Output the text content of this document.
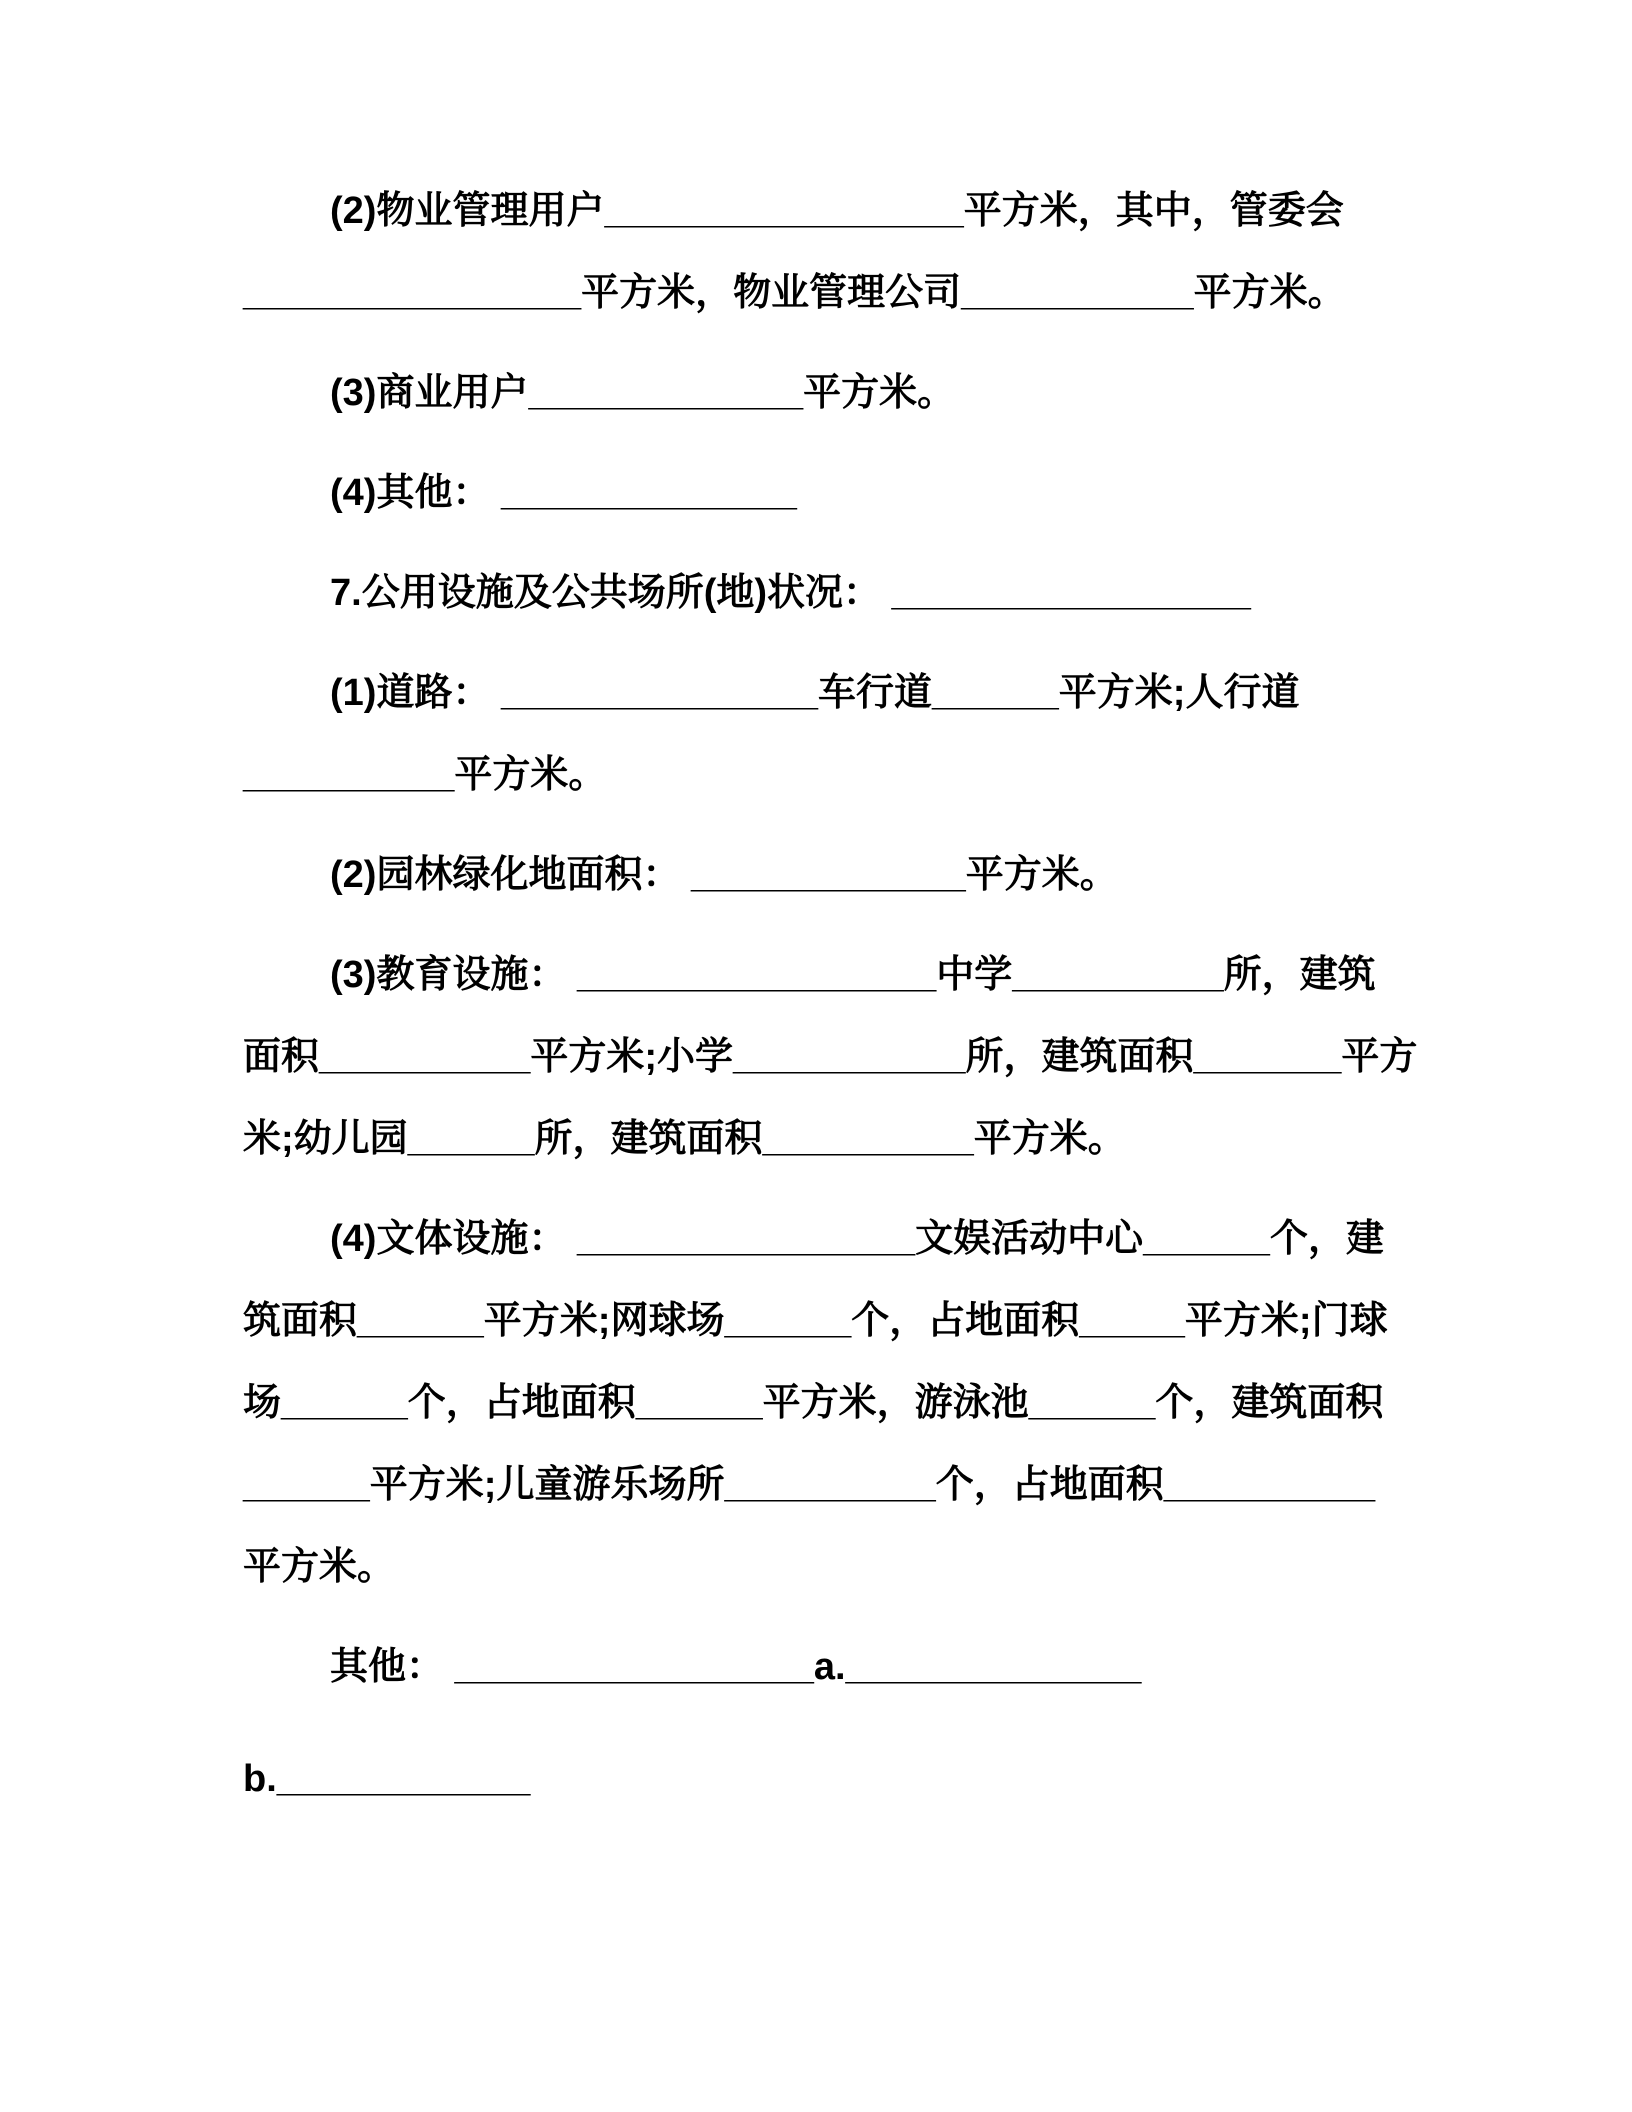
(2)物业管理用户_________________平方米，其中，管委会
________________平方米，物业管理公司___________平方米。
(3)商业用户_____________平方米。
(4)其他： ______________
7.公用设施及公共场所(地)状况： _________________
(1)道路： _______________车行道______平方米;人行道
__________平方米。
(2)园林绿化地面积： _____________平方米。
(3)教育设施： _________________中学__________所，建筑
面积__________平方米;小学___________所，建筑面积_______平方
米;幼儿园______所，建筑面积__________平方米。
(4)文体设施： ________________文娱活动中心______个，建
筑面积______平方米;网球场______个，占地面积_____平方米;门球
场______个，占地面积______平方米，游泳池______个，建筑面积
______平方米;儿童游乐场所__________个，占地面积__________
平方米。
其他： _________________a.______________
b.____________
